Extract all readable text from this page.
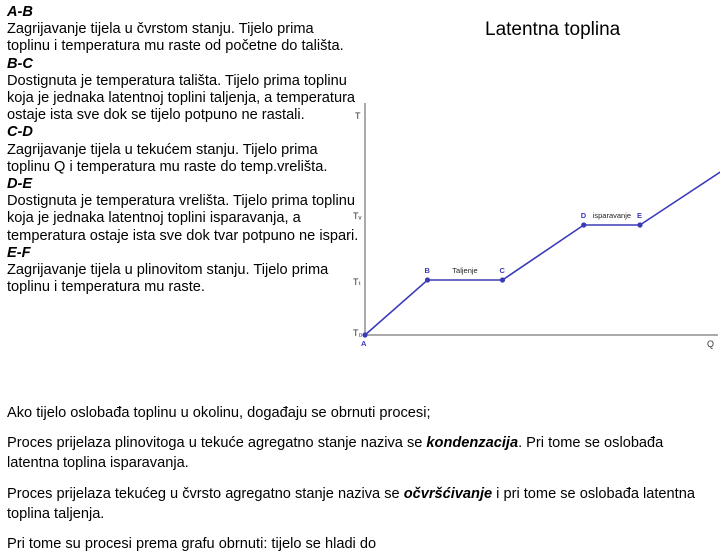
A-B

Zagrijavanje tijela u čvrstom stanju. Tijelo prima toplinu i temperatura mu raste od početne do tališta.

B-C

Dostignuta je temperatura tališta. Tijelo prima toplinu koja je jednaka latentnoj toplini taljenja, a temperatura ostaje ista sve dok se tijelo potpuno ne rastali.

C-D

Zagrijavanje tijela u tekućem stanju. Tijelo prima toplinu Q i temperatura mu raste do temp.vrelišta.

D-E

Dostignuta je temperatura vrelišta. Tijelo prima toplinu koja je jednaka latentnoj toplini isparavanja, a temperatura ostaje ista sve dok tvar potpuno ne ispari.

E-F

Zagrijavanje tijela u plinovitom stanju. Tijelo prima toplinu i temperatura mu raste.

Latentna toplina
T₀
Tₜ
Tᵥ
T
Q
A
B	C
D	E
Taljenje
isparavanje
Ako tijelo oslobađa toplinu u okolinu, događaju se obrnuti procesi;
Proces prijelaza plinovitoga u tekuće agregatno stanje naziva se kondenzacija. Pri tome se oslobađa latentna toplina isparavanja.
Proces prijelaza tekućeg u čvrsto agregatno stanje naziva se očvršćivanje i pri tome se oslobađa latentna toplina taljenja.
Pri tome su procesi prema grafu obrnuti: tijelo se hladi do
